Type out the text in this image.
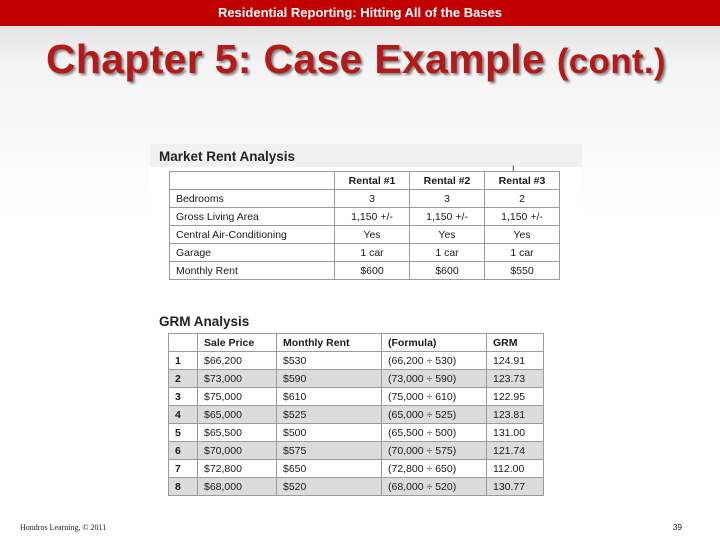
Residential Reporting: Hitting All of the Bases
Chapter 5: Case Example (cont.)
Market Rent Analysis
I
	Rental #1	Rental #2	Rental #3
Bedrooms	3	3	2
Gross Living Area	1,150 +/-	1,150 +/-	1,150 +/-
Central Air-Conditioning	Yes	Yes	Yes
Garage	1 car	1 car	1 car
Monthly Rent	$600	$600	$550
GRM Analysis
	Sale Price	Monthly Rent	(Formula)	GRM
1	$66,200	$530	(66,200 ÷ 530)	124.91
2	$73,000	$590	(73,000 ÷ 590)	123.73
3	$75,000	$610	(75,000 ÷ 610)	122.95
4	$65,000	$525	(65,000 ÷ 525)	123.81
5	$65,500	$500	(65,500 ÷ 500)	131.00
6	$70,000	$575	(70,000 ÷ 575)	121.74
7	$72,800	$650	(72,800 ÷ 650)	112.00
8	$68,000	$520	(68,000 ÷ 520)	130.77
Hondros Learning, © 2011	39
